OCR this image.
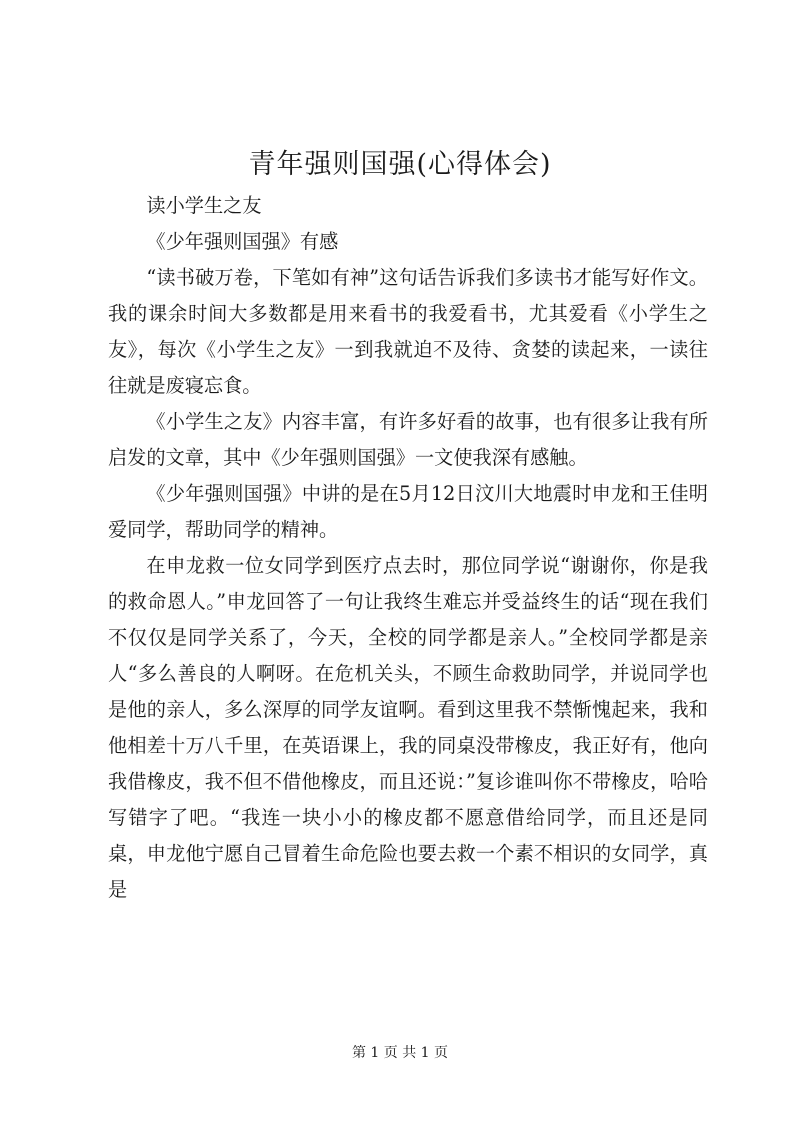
青年强则国强(心得体会)

读小学生之友

《少年强则国强》有感

“读书破万卷，下笔如有神”这句话告诉我们多读书才能写好作文。我的课余时间大多数都是用来看书的我爱看书，尤其爱看《小学生之友》，每次《小学生之友》一到我就迫不及待、贪婪的读起来，一读往往就是废寝忘食。

《小学生之友》内容丰富，有许多好看的故事，也有很多让我有所启发的文章，其中《少年强则国强》一文使我深有感触。

《少年强则国强》中讲的是在5月12日汶川大地震时申龙和王佳明爱同学，帮助同学的精神。

在申龙救一位女同学到医疗点去时，那位同学说“谢谢你，你是我的救命恩人。”申龙回答了一句让我终生难忘并受益终生的话“现在我们不仅仅是同学关系了，今天，全校的同学都是亲人。”全校同学都是亲人“多么善良的人啊呀。在危机关头，不顾生命救助同学，并说同学也是他的亲人，多么深厚的同学友谊啊。看到这里我不禁惭愧起来，我和他相差十万八千里，在英语课上，我的同桌没带橡皮，我正好有，他向我借橡皮，我不但不借他橡皮，而且还说：”复诊谁叫你不带橡皮，哈哈写错字了吧。“我连一块小小的橡皮都不愿意借给同学，而且还是同桌，申龙他宁愿自己冒着生命危险也要去救一个素不相识的女同学，真是

第 1 页 共 1 页
